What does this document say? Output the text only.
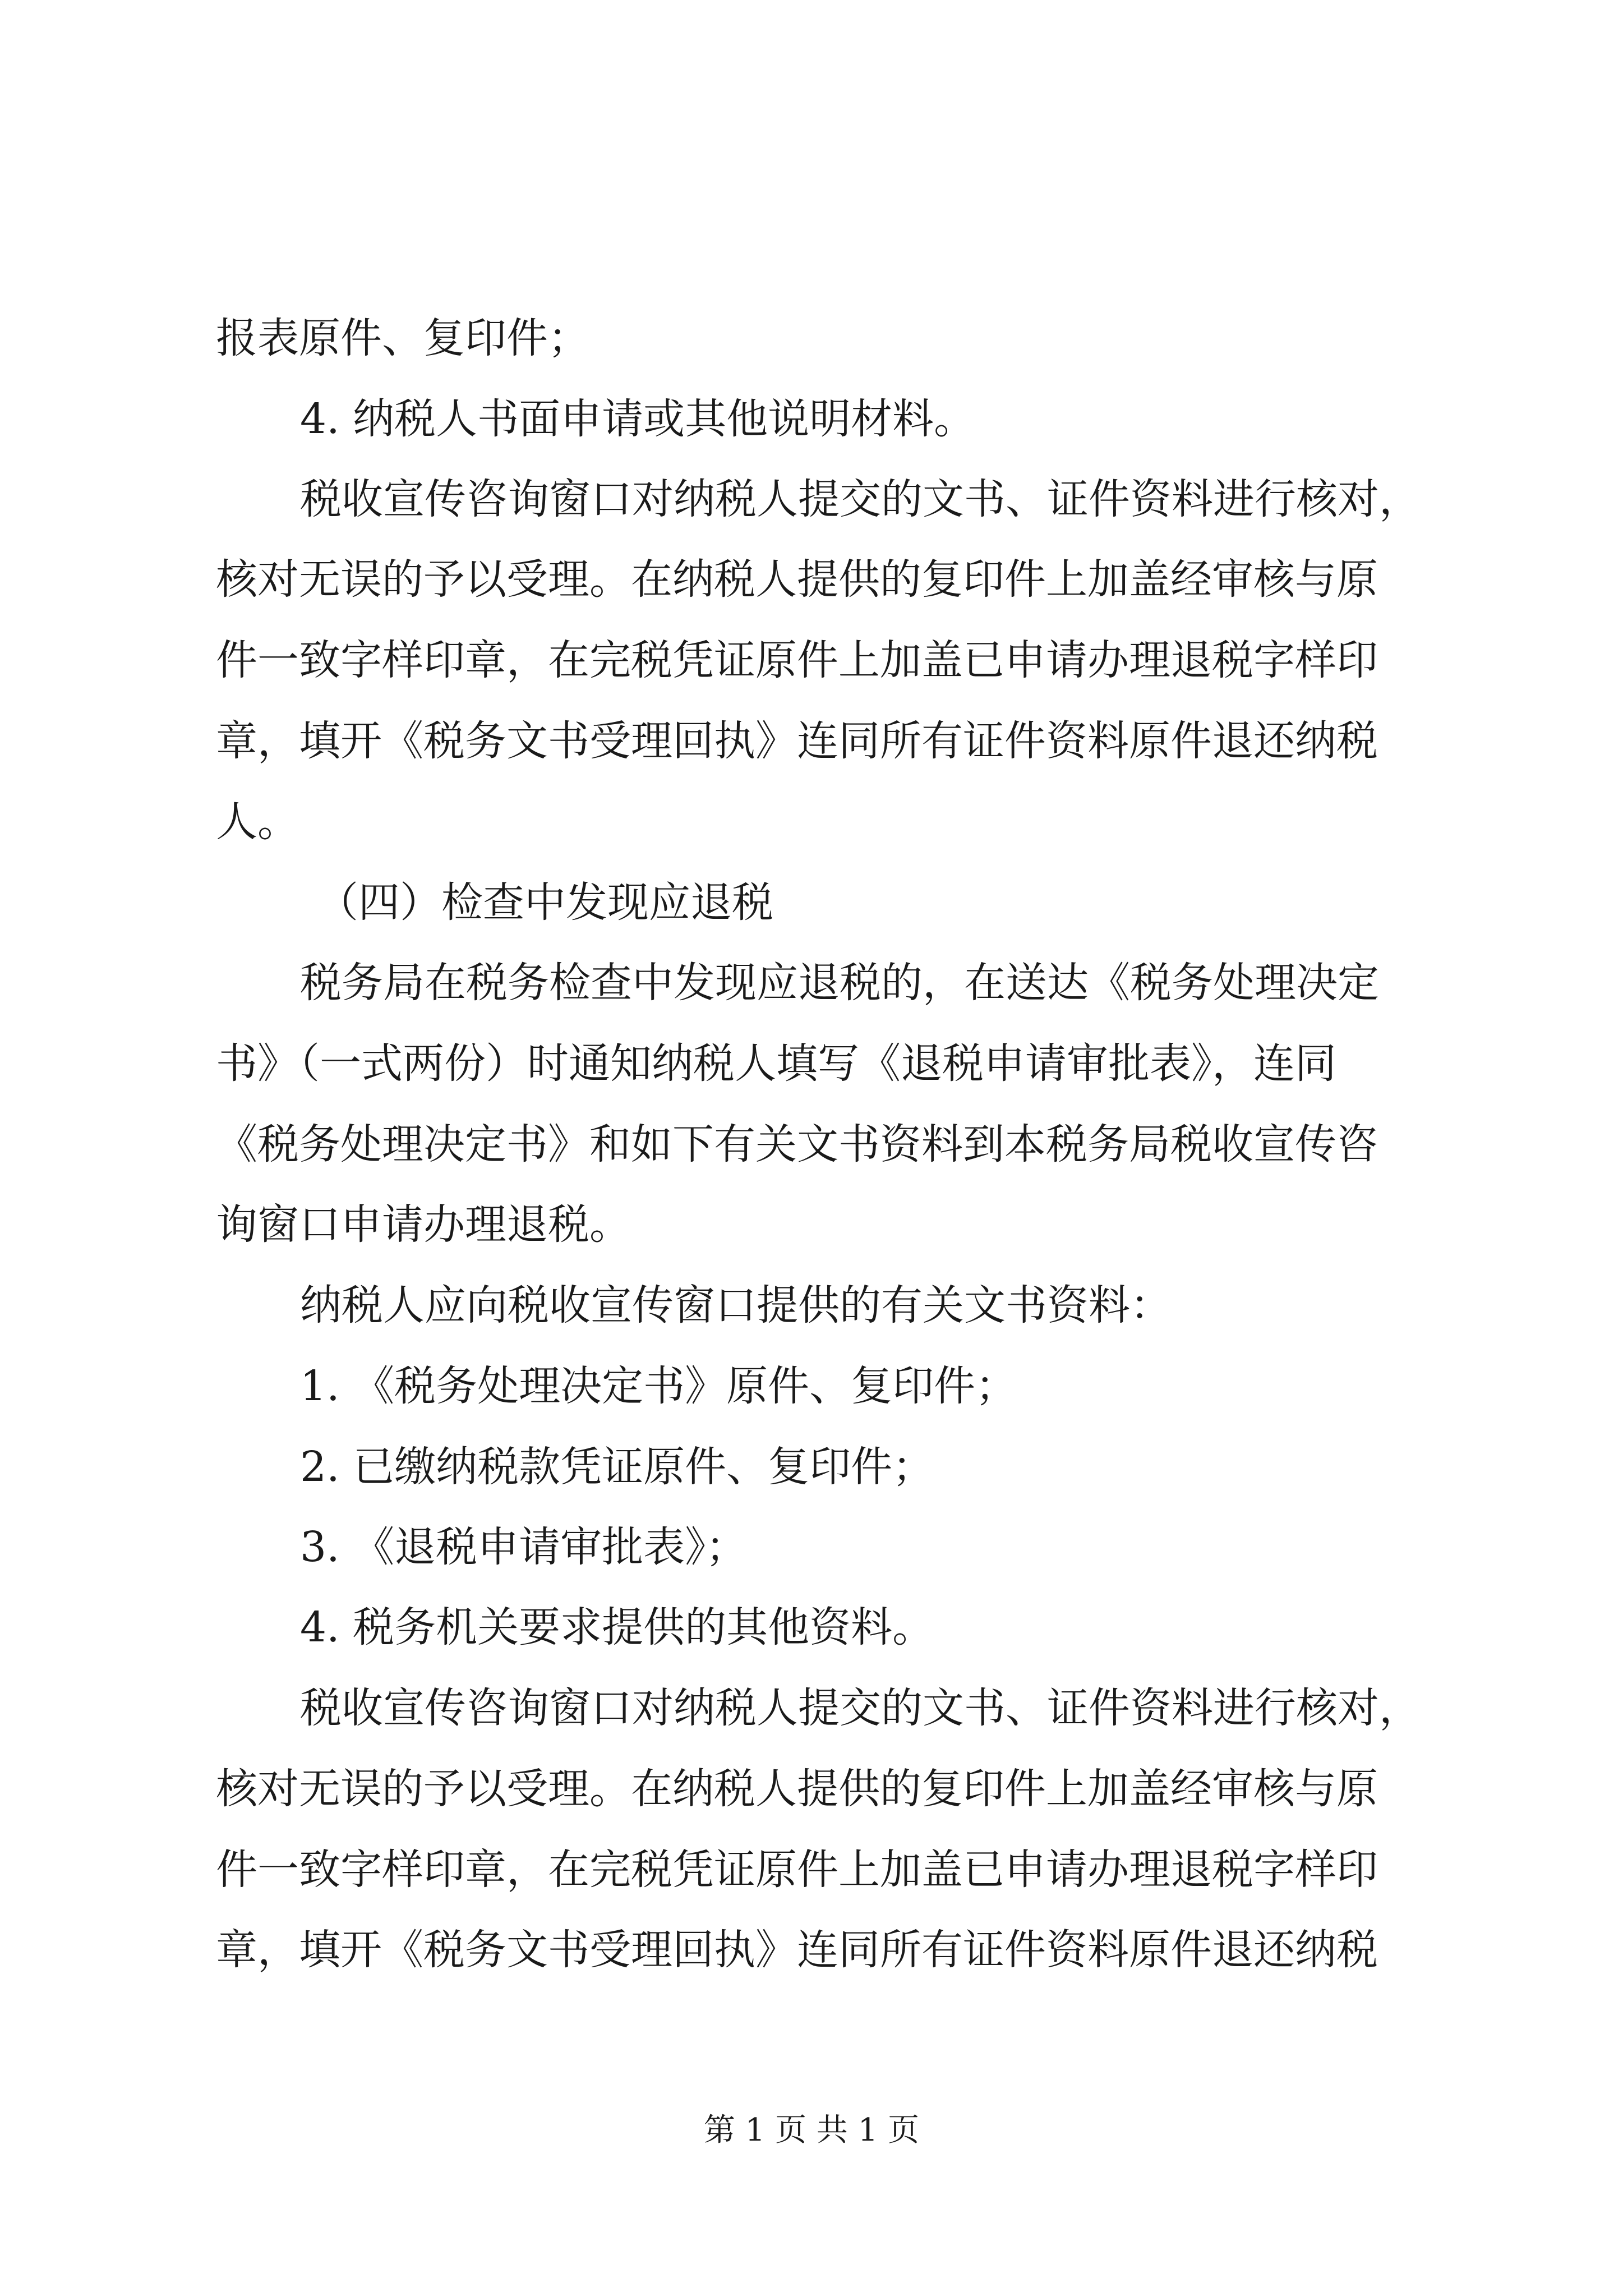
报表原件、复印件；

4. 纳税人书面申请或其他说明材料。

税收宣传咨询窗口对纳税人提交的文书、证件资料进行核对，

核对无误的予以受理。在纳税人提供的复印件上加盖经审核与原

件一致字样印章，在完税凭证原件上加盖已申请办理退税字样印

章，填开《税务文书受理回执》连同所有证件资料原件退还纳税

人。

（四）检查中发现应退税

税务局在税务检查中发现应退税的，在送达《税务处理决定

书》（一式两份）时通知纳税人填写《退税申请审批表》，连同

《税务处理决定书》和如下有关文书资料到本税务局税收宣传咨

询窗口申请办理退税。

纳税人应向税收宣传窗口提供的有关文书资料：

1. 《税务处理决定书》原件、复印件；

2. 已缴纳税款凭证原件、复印件；

3. 《退税申请审批表》；

4. 税务机关要求提供的其他资料。

税收宣传咨询窗口对纳税人提交的文书、证件资料进行核对，

核对无误的予以受理。在纳税人提供的复印件上加盖经审核与原

件一致字样印章，在完税凭证原件上加盖已申请办理退税字样印

章，填开《税务文书受理回执》连同所有证件资料原件退还纳税

第 1 页 共 1 页
